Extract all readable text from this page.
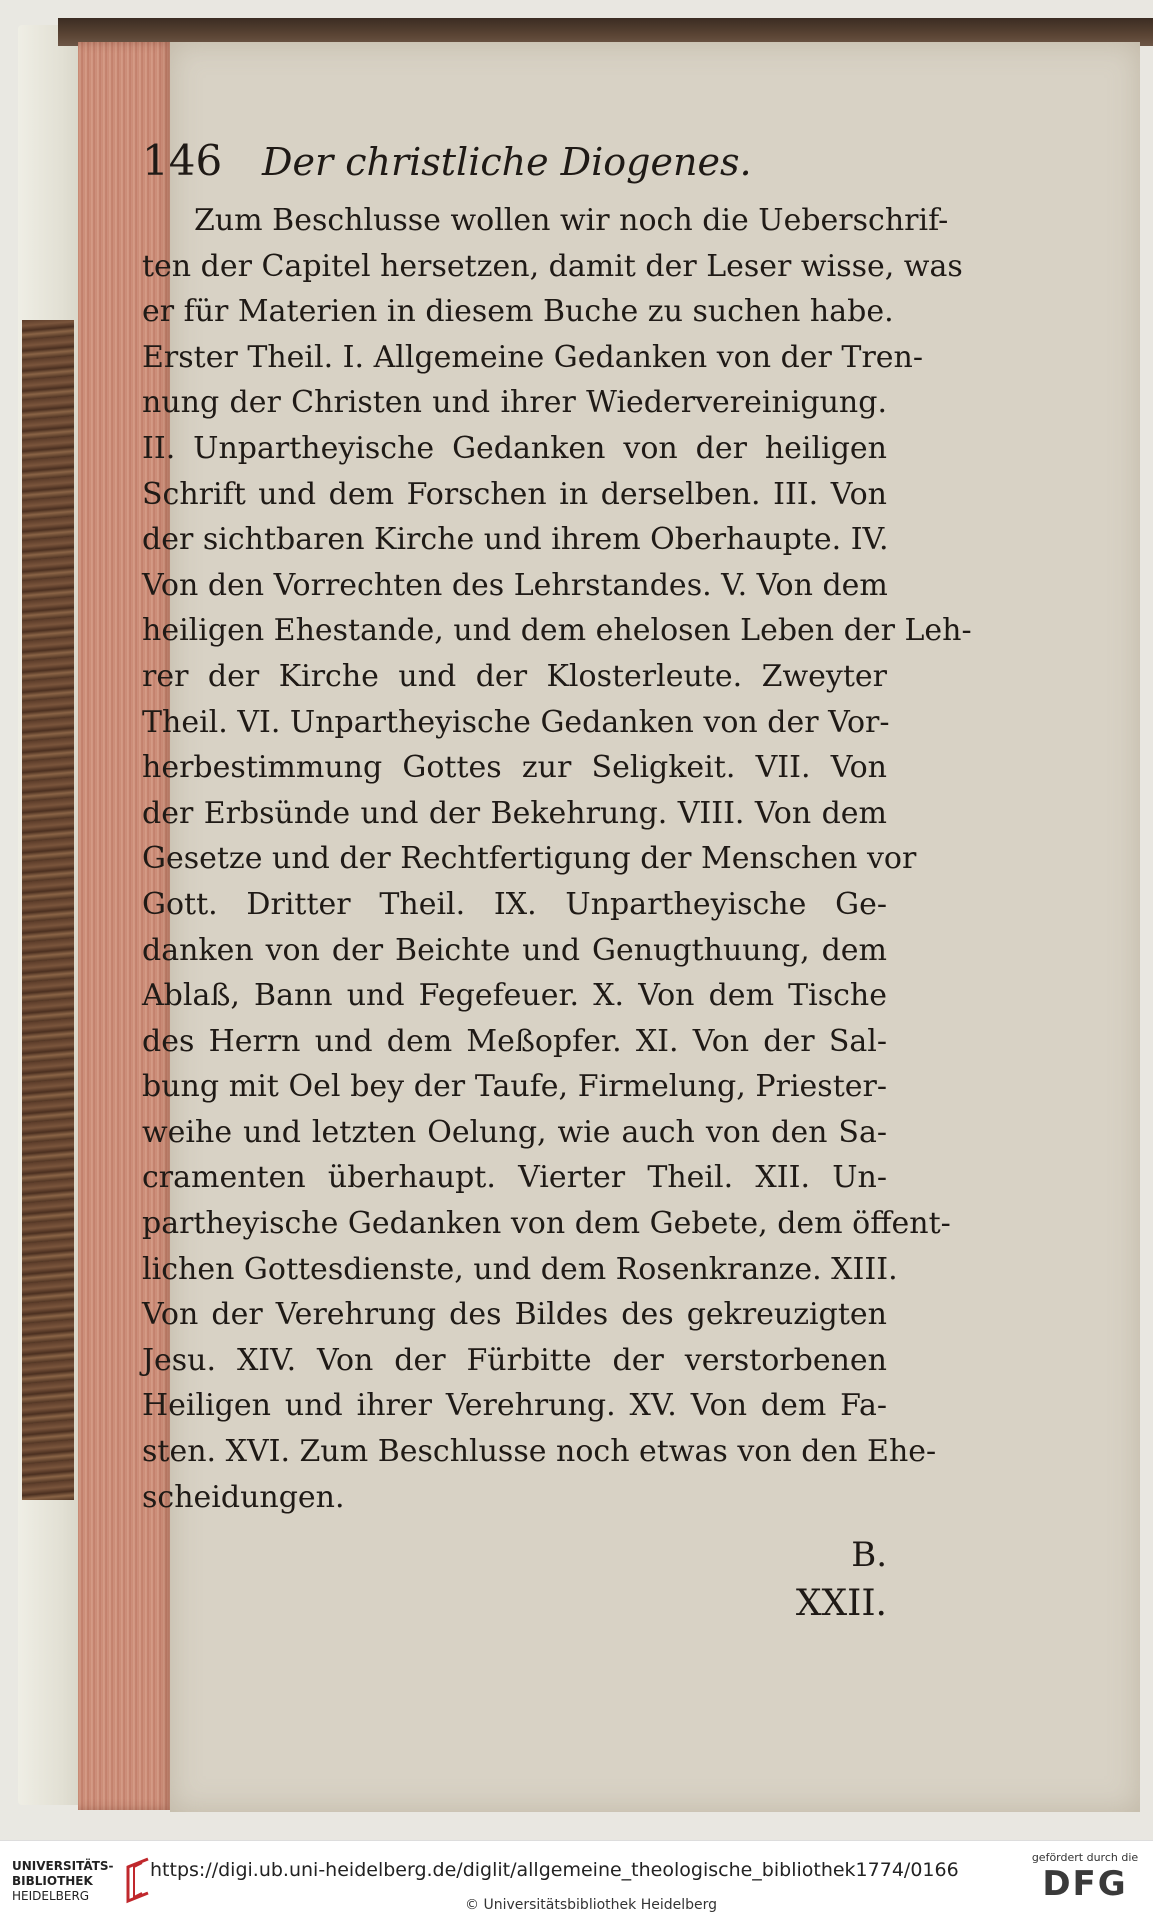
146	Der christliche Diogenes.
Zum Beschlusse wollen wir noch die Ueberschrif-
ten der Capitel hersetzen, damit der Leser wisse, was
er für Materien in diesem Buche zu suchen habe.
Erster Theil. I. Allgemeine Gedanken von der Tren-
nung der Christen und ihrer Wiedervereinigung.
II. Unpartheyische Gedanken von der heiligen
Schrift und dem Forschen in derselben. III. Von
der sichtbaren Kirche und ihrem Oberhaupte. IV.
Von den Vorrechten des Lehrstandes. V. Von dem
heiligen Ehestande, und dem ehelosen Leben der Leh-
rer der Kirche und der Klosterleute. Zweyter
Theil. VI. Unpartheyische Gedanken von der Vor-
herbestimmung Gottes zur Seligkeit. VII. Von
der Erbsünde und der Bekehrung. VIII. Von dem
Gesetze und der Rechtfertigung der Menschen vor
Gott. Dritter Theil. IX. Unpartheyische Ge-
danken von der Beichte und Genugthuung, dem
Ablaß, Bann und Fegefeuer. X. Von dem Tische
des Herrn und dem Meßopfer. XI. Von der Sal-
bung mit Oel bey der Taufe, Firmelung, Priester-
weihe und letzten Oelung, wie auch von den Sa-
cramenten überhaupt. Vierter Theil. XII. Un-
partheyische Gedanken von dem Gebete, dem öffent-
lichen Gottesdienste, und dem Rosenkranze. XIII.
Von der Verehrung des Bildes des gekreuzigten
Jesu. XIV. Von der Fürbitte der verstorbenen
Heiligen und ihrer Verehrung. XV. Von dem Fa-
sten. XVI. Zum Beschlusse noch etwas von den Ehe-
scheidungen.
B.
XXII.
UNIVERSITÄTS-
BIBLIOTHEK
HEIDELBERG
https://digi.ub.uni-heidelberg.de/diglit/allgemeine_theologische_bibliothek1774/0166
© Universitätsbibliothek Heidelberg
gefördert durch die
DFG
